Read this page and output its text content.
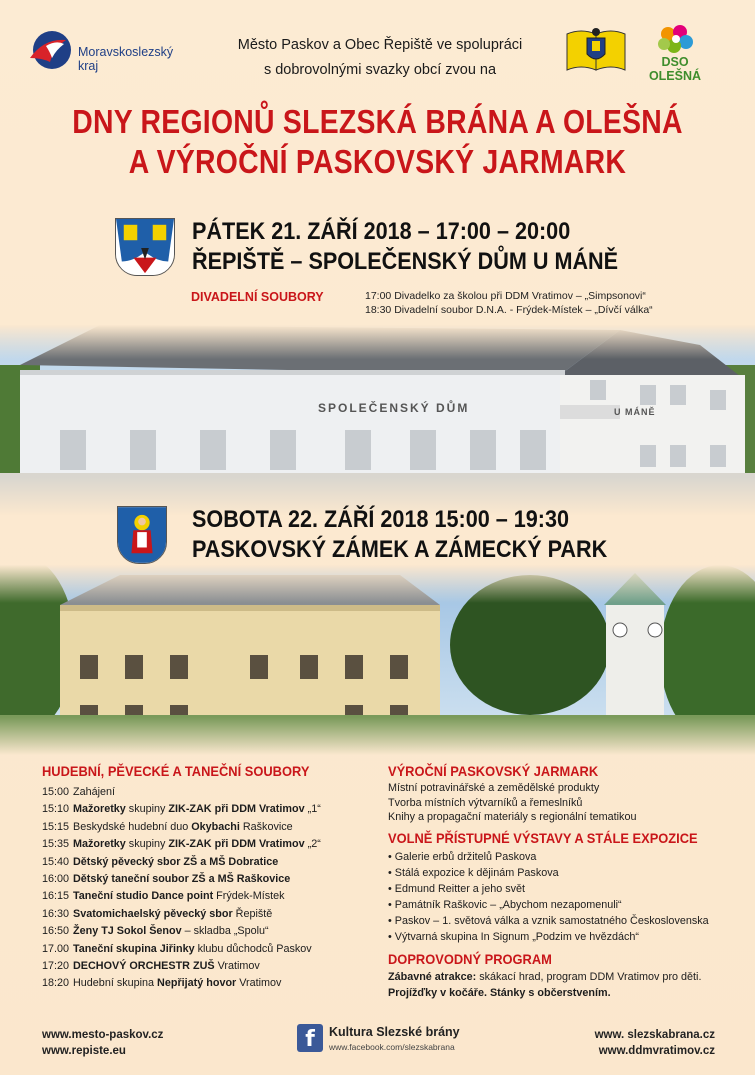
Moravskoslezský
kraj
Město Paskov a Obec Řepiště ve spolupráci
s dobrovolnými svazky obcí zvou na	DSO OLEŠNÁ
DNY REGIONŮ SLEZSKÁ BRÁNA A OLEŠNÁ
A VÝROČNÍ PASKOVSKÝ JARMARK
PÁTEK 21. ZÁŘÍ 2018 – 17:00 – 20:00
ŘEPIŠTĚ – SPOLEČENSKÝ DŮM U MÁNĚ
DIVADELNÍ SOUBORY	17:00 Divadelko za školou při DDM Vratimov – „Simpsonovi“
18:30 Divadelní soubor D.N.A. - Frýdek-Místek – „Dívčí válka“
SPOLEČENSKÝ DŮM	U MÁNĚ
SOBOTA 22. ZÁŘÍ 2018 15:00 – 19:30
PASKOVSKÝ ZÁMEK A ZÁMECKÝ PARK
HUDEBNÍ, PĚVECKÉ A TANEČNÍ SOUBORY
15:00 Zahájení
15:10 Mažoretky skupiny ZIK-ZAK při DDM Vratimov „1“
15:15 Beskydské hudební duo Okybachi Raškovice
15:35 Mažoretky skupiny ZIK-ZAK při DDM Vratimov „2“
15:40 Dětský pěvecký sbor ZŠ a MŠ Dobratice
16:00 Dětský taneční soubor ZŠ a MŠ Raškovice
16:15 Taneční studio Dance point Frýdek-Místek
16:30 Svatomichaelský pěvecký sbor Řepiště
16:50 Ženy TJ Sokol Šenov – skladba „Spolu“
17.00 Taneční skupina Jiřinky klubu důchodců Paskov
17:20 DECHOVÝ ORCHESTR ZUŠ Vratimov
18:20 Hudební skupina Nepřijatý hovor Vratimov
VÝROČNÍ PASKOVSKÝ JARMARK
Místní potravinářské a zemědělské produkty
Tvorba místních výtvarníků a řemeslníků
Knihy a propagační materiály s regionální tematikou
VOLNĚ PŘÍSTUPNÉ VÝSTAVY A STÁLE EXPOZICE
• Galerie erbů držitelů Paskova
• Stálá expozice k dějinám Paskova
• Edmund Reitter a jeho svět
• Památník Raškovic – „Abychom nezapomenuli“
• Paskov – 1. světová válka a vznik samostatného Československa
• Výtvarná skupina In Signum „Podzim ve hvězdách“
DOPROVODNÝ PROGRAM
Zábavné atrakce: skákací hrad, program DDM Vratimov pro děti.
Projížďky v kočáře. Stánky s občerstvením.
www.mesto-paskov.cz
www.repiste.eu	f	Kultura Slezské brány
www.facebook.com/slezskabrana
www. slezskabrana.cz
www.ddmvratimov.cz
